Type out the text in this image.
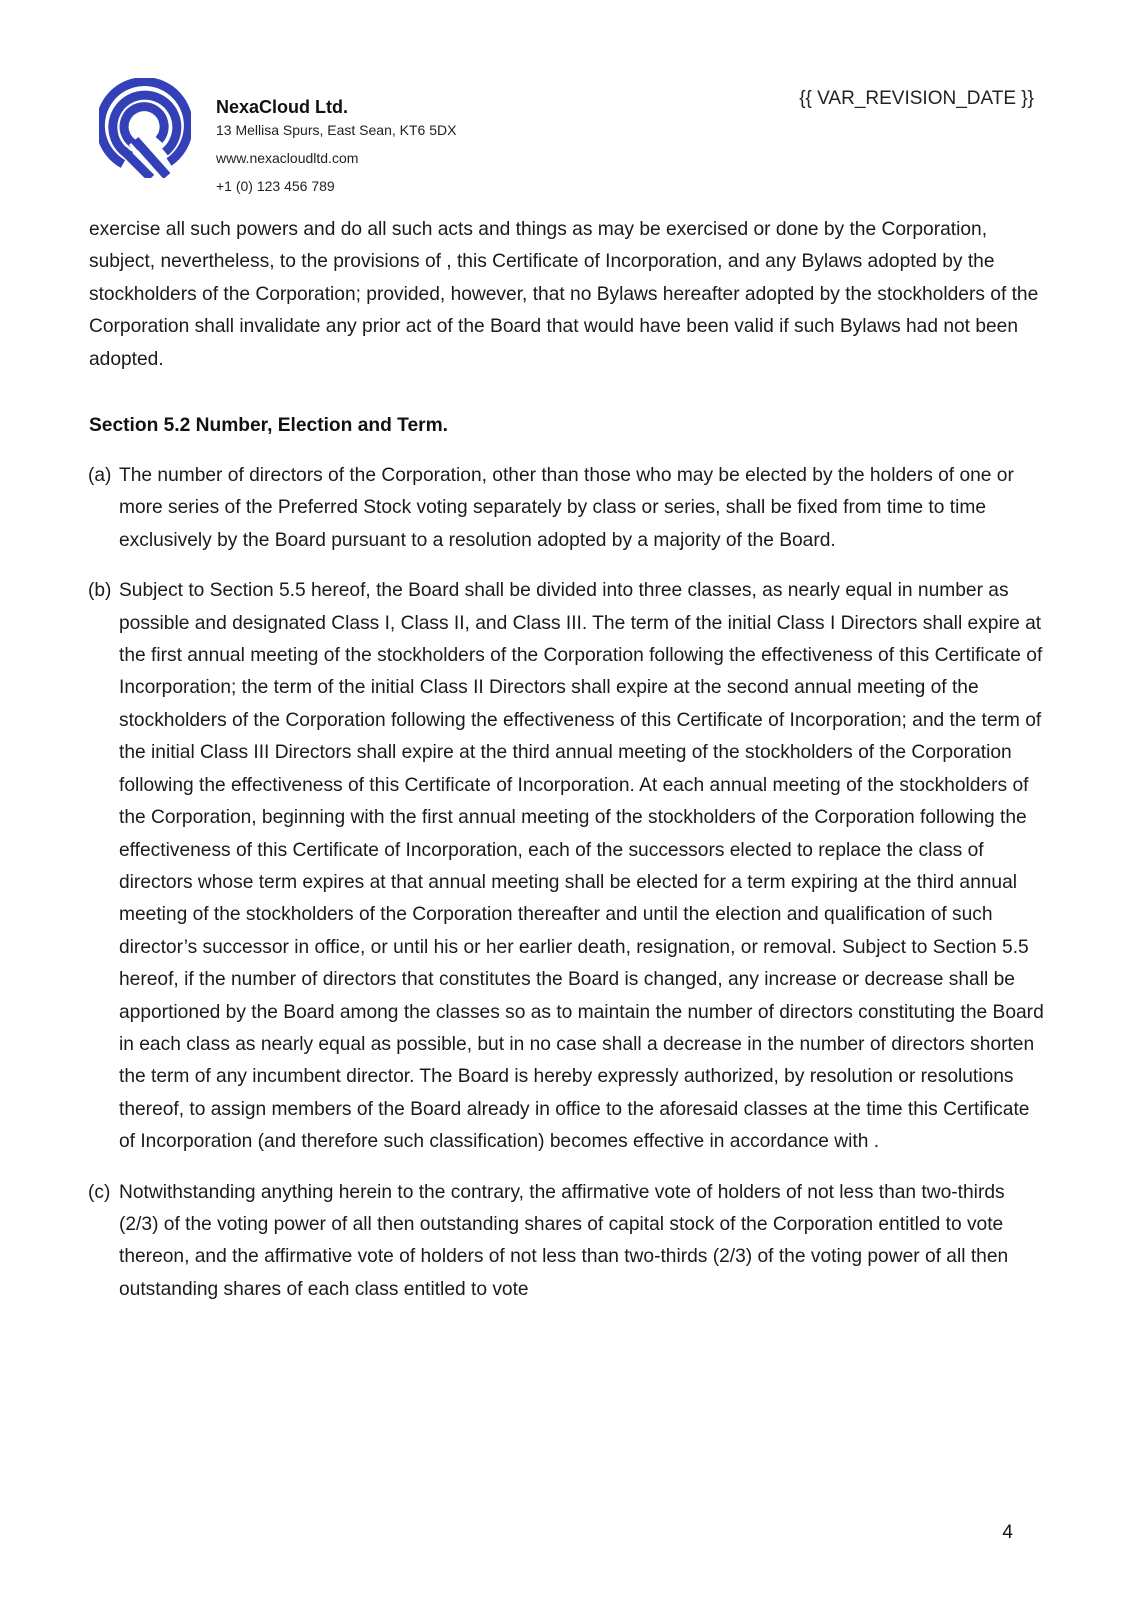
NexaCloud Ltd.
13 Mellisa Spurs, East Sean, KT6 5DX
www.nexacloudltd.com
+1 (0) 123 456 789
{{ VAR_REVISION_DATE }}

exercise all such powers and do all such acts and things as may be exercised or done by the Corporation, subject, nevertheless, to the provisions of , this Certificate of Incorporation, and any Bylaws adopted by the stockholders of the Corporation; provided, however, that no Bylaws hereafter adopted by the stockholders of the Corporation shall invalidate any prior act of the Board that would have been valid if such Bylaws had not been adopted.

Section 5.2 Number, Election and Term.
(a) The number of directors of the Corporation, other than those who may be elected by the holders of one or more series of the Preferred Stock voting separately by class or series, shall be fixed from time to time exclusively by the Board pursuant to a resolution adopted by a majority of the Board.
(b) Subject to Section 5.5 hereof, the Board shall be divided into three classes, as nearly equal in number as possible and designated Class I, Class II, and Class III. The term of the initial Class I Directors shall expire at the first annual meeting of the stockholders of the Corporation following the effectiveness of this Certificate of Incorporation; the term of the initial Class II Directors shall expire at the second annual meeting of the stockholders of the Corporation following the effectiveness of this Certificate of Incorporation; and the term of the initial Class III Directors shall expire at the third annual meeting of the stockholders of the Corporation following the effectiveness of this Certificate of Incorporation. At each annual meeting of the stockholders of the Corporation, beginning with the first annual meeting of the stockholders of the Corporation following the effectiveness of this Certificate of Incorporation, each of the successors elected to replace the class of directors whose term expires at that annual meeting shall be elected for a term expiring at the third annual meeting of the stockholders of the Corporation thereafter and until the election and qualification of such director’s successor in office, or until his or her earlier death, resignation, or removal. Subject to Section 5.5 hereof, if the number of directors that constitutes the Board is changed, any increase or decrease shall be apportioned by the Board among the classes so as to maintain the number of directors constituting the Board in each class as nearly equal as possible, but in no case shall a decrease in the number of directors shorten the term of any incumbent director. The Board is hereby expressly authorized, by resolution or resolutions thereof, to assign members of the Board already in office to the aforesaid classes at the time this Certificate of Incorporation (and therefore such classification) becomes effective in accordance with .
(c) Notwithstanding anything herein to the contrary, the affirmative vote of holders of not less than two-thirds (2/3) of the voting power of all then outstanding shares of capital stock of the Corporation entitled to vote thereon, and the affirmative vote of holders of not less than two-thirds (2/3) of the voting power of all then outstanding shares of each class entitled to vote
4
